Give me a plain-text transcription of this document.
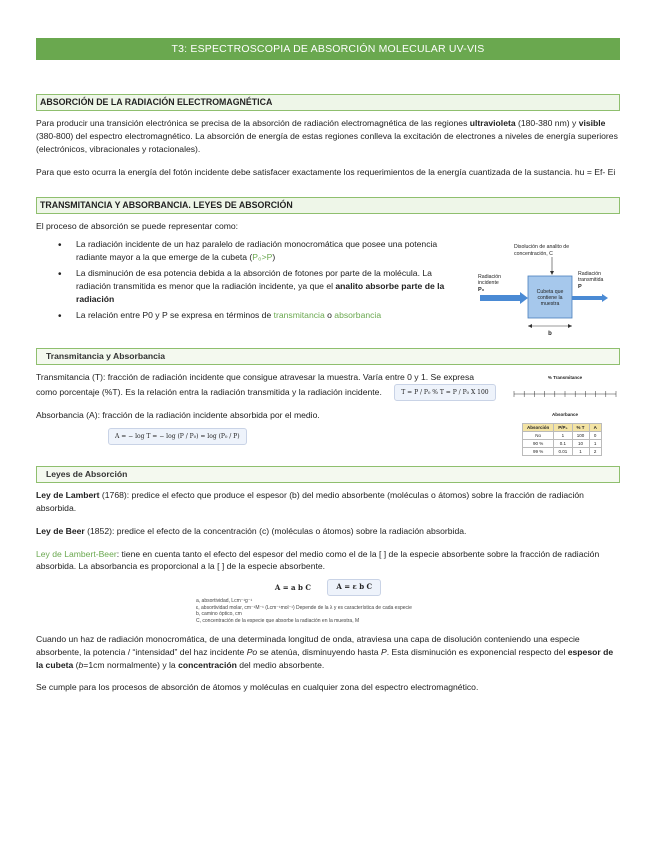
T3: ESPECTROSCOPIA DE ABSORCIÓN MOLECULAR UV-VIS
ABSORCIÓN DE LA RADIACIÓN ELECTROMAGNÉTICA

Para producir una transición electrónica se precisa de la absorción de radiación electromagnética de las regiones ultravioleta (180-380 nm) y visible (380-800) del espectro electromagnético. La absorción de energía de estas regiones conlleva la excitación de electrones a niveles de energía superiores (electrónicos, vibracionales y rotacionales).

Para que esto ocurra la energía del fotón incidente debe satisfacer exactamente los requerimientos de la energía cuantizada de la sustancia. hu = Ef- Ei

TRANSMITANCIA Y ABSORBANCIA. LEYES DE ABSORCIÓN

El proceso de absorción se puede representar como:

• La radiación incidente de un haz paralelo de radiación monocromática que posee una potencia radiante mayor a la que emerge de la cubeta (P₀>P)
• La disminución de esa potencia debida a la absorción de fotones por parte de la molécula. La radiación transmitida es menor que la radiación incidente, ya que el analito absorbe parte de la radiación
• La relación entre P0 y P se expresa en términos de transmitancia o absorbancia
Disolución de analito de
concentración, C
Radiación
incidente
P₀	Cubeta que
contiene la
muestra
Radiación
transmitida
P
b
Transmitancia y Absorbancia

Transmitancia (T): fracción de radiación incidente que consigue atravesar la muestra. Varía entre 0 y 1. Se expresa como porcentaje (%T). Es la relación entra la radiación transmitida y la radiación incidente.	T = P / P₀ % T = P / P₀ X 100

Absorbancia (A): fracción de la radiación incidente absorbida por el medio.

A = − log T = − log (P / P₀) = log (P₀ / P)
% Transmitance
Absorbance
Absorción	P/P₀	% T	A
No	1	100	0
90 %	0.1	10	1
99 %	0.01	1	2
Leyes de Absorción

Ley de Lambert (1768): predice el efecto que produce el espesor (b) del medio absorbente (moléculas o átomos) sobre la fracción de radiación absorbida.

Ley de Beer (1852): predice el efecto de la concentración (c) (moléculas o átomos) sobre la radiación absorbida.

Ley de Lambert-Beer: tiene en cuenta tanto el efecto del espesor del medio como el de la [ ] de la especie absorbente sobre la fracción de radiación absorbida. La absorbancia es proporcional a la [ ] de la especie absorbente.

A = a b C	A = ε b C
a, absortividad, Lcm⁻¹g⁻¹
ε, absortividad molar, cm⁻¹M⁻¹ (Lcm⁻¹mol⁻¹) Depende de la λ y es característica de cada especie
b, camino óptico, cm
C, concentración de la especie que absorbe la radiación en la muestra, M

Cuando un haz de radiación monocromática, de una determinada longitud de onda, atraviesa una capa de disolución conteniendo una especie absorbente, la potencia / “intensidad” del haz incidente Po se atenúa, disminuyendo hasta P. Esta disminución es exponencial respecto del espesor de la cubeta (b=1cm normalmente) y la concentración del medio absorbente.

Se cumple para los procesos de absorción de átomos y moléculas en cualquier zona del espectro electromagnético.
